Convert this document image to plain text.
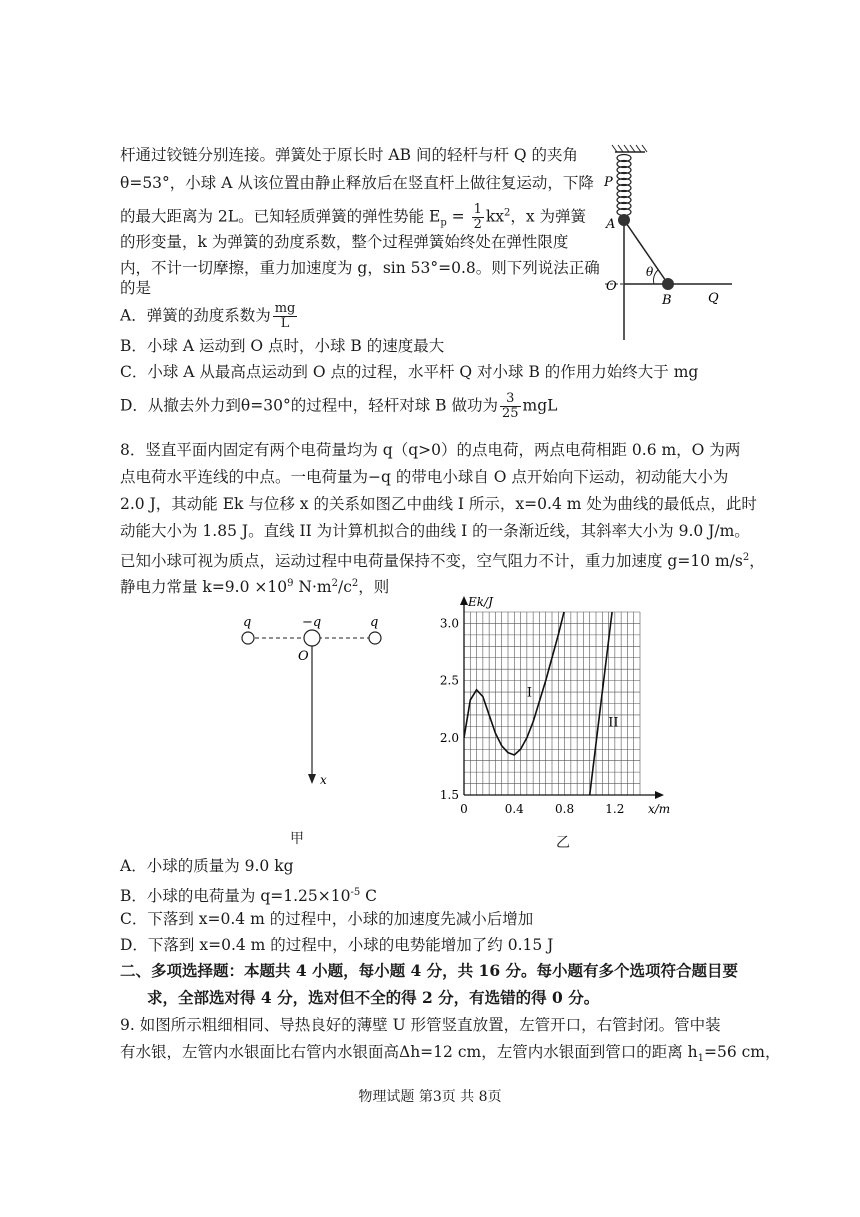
杆通过铰链分别连接。弹簧处于原长时 AB 间的轻杆与杆 Q 的夹角
θ=53°，小球 A 从该位置由静止释放后在竖直杆上做往复运动，下降
的最大距离为 2L。已知轻质弹簧的弹性势能 $E_p = \frac{1}{2} kx^2$，x 为弹簧
的形变量，k 为弹簧的劲度系数，整个过程弹簧始终处在弹性限度
内，不计一切摩擦，重力加速度为 g，sin 53°=0.8。则下列说法正确
的是
A．弹簧的劲度系数为 $\frac{mg}{L}$
B．小球 A 运动到 O 点时，小球 B 的速度最大
C．小球 A 从最高点运动到 O 点的过程，水平杆 Q 对小球 B 的作用力始终大于 mg
D．从撤去外力到θ=30°的过程中，轻杆对球 B 做功为 $\frac{3}{25}$ mgL
P
A
θ
O
B	Q
8．竖直平面内固定有两个电荷量均为 q（q>0）的点电荷，两点电荷相距 0.6 m，O 为两
点电荷水平连线的中点。一电荷量为−q 的带电小球自 O 点开始向下运动，初动能大小为
2.0 J，其动能 Ek 与位移 x 的关系如图乙中曲线 I 所示，x=0.4 m 处为曲线的最低点，此时
动能大小为 1.85 J。直线 II 为计算机拟合的曲线 I 的一条渐近线，其斜率大小为 9.0 J/m。
已知小球可视为质点，运动过程中电荷量保持不变，空气阻力不计，重力加速度 g=10 $m/s^2$，
静电力常量 $k=9.0 \times 10^9$ $N\cdot m^2/c^2$，则
q	−q	q
O
x
甲
0	0.4	0.8	1.2
1.5
2.0
2.5
3.0
Ek/J
x/m
I
II
乙
A．小球的质量为 9.0 kg
B．小球的电荷量为 $q=1.25\times 10^{-5}$ C
C．下落到 x=0.4 m 的过程中，小球的加速度先减小后增加
D．下落到 x=0.4 m 的过程中，小球的电势能增加了约 0.15 J
二、多项选择题：本题共 4 小题，每小题 4 分，共 16 分。每小题有多个选项符合题目要
求，全部选对得 4 分，选对但不全的得 2 分，有选错的得 0 分。
9. 如图所示粗细相同、导热良好的薄壁 U 形管竖直放置，左管开口，右管封闭。管中装
有水银，左管内水银面比右管内水银面高Δh=12 cm，左管内水银面到管口的距离 $h_1=56$ cm，
物理试题 第3页 共 8页
